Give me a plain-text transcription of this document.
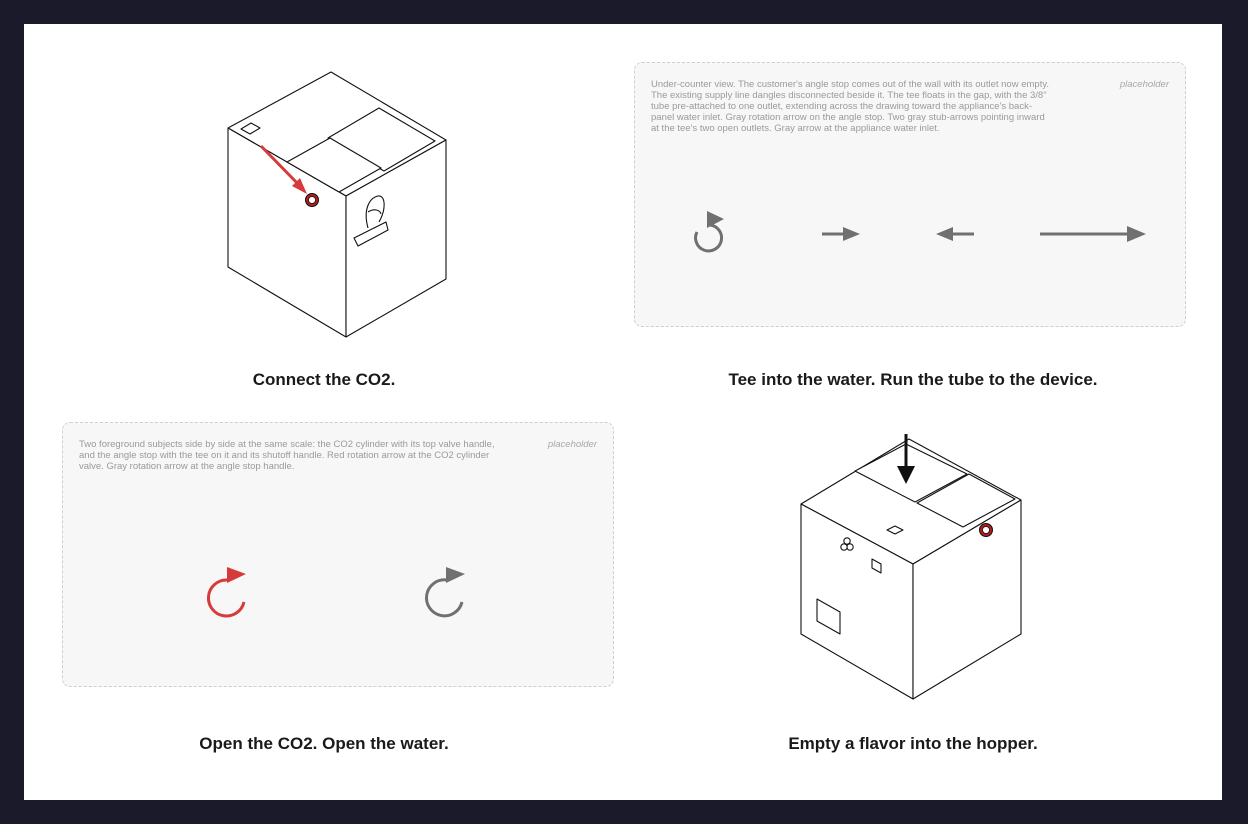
Connect the CO2.
Under-counter view. The customer's angle stop comes out of the wall with its outlet now empty. The existing supply line dangles disconnected beside it. The tee floats in the gap, with the 3/8" tube pre-attached to one outlet, extending across the drawing toward the appliance's back-panel water inlet. Gray rotation arrow on the angle stop. Two gray stub-arrows pointing inward at the tee's two open outlets. Gray arrow at the appliance water inlet.
placeholder
Tee into the water. Run the tube to the device.
Two foreground subjects side by side at the same scale: the CO2 cylinder with its top valve handle, and the angle stop with the tee on it and its shutoff handle. Red rotation arrow at the CO2 cylinder valve. Gray rotation arrow at the angle stop handle.
placeholder
Open the CO2. Open the water.	Empty a flavor into the hopper.
